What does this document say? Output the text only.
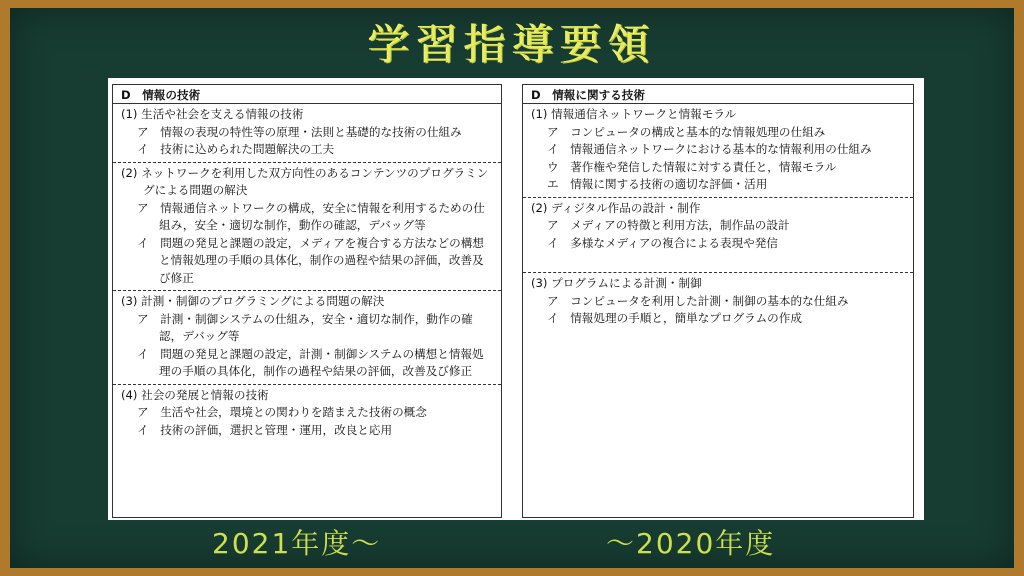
学習指導要領
D　情報の技術
(1) 生活や社会を支える情報の技術
ア　情報の表現の特性等の原理・法則と基礎的な技術の仕組み
イ　技術に込められた問題解決の工夫
(2) ネットワークを利用した双方向性のあるコンテンツのプログラミングによる問題の解決
ア　情報通信ネットワークの構成，安全に情報を利用するための仕組み，安全・適切な制作，動作の確認，デバッグ等
イ　問題の発見と課題の設定，メディアを複合する方法などの構想と情報処理の手順の具体化，制作の過程や結果の評価，改善及び修正
(3) 計測・制御のプログラミングによる問題の解決
ア　計測・制御システムの仕組み，安全・適切な制作，動作の確認，デバッグ等
イ　問題の発見と課題の設定，計測・制御システムの構想と情報処理の手順の具体化，制作の過程や結果の評価，改善及び修正
(4) 社会の発展と情報の技術
ア　生活や社会，環境との関わりを踏まえた技術の概念
イ　技術の評価，選択と管理・運用，改良と応用
D　情報に関する技術
(1) 情報通信ネットワークと情報モラル
ア　コンピュータの構成と基本的な情報処理の仕組み
イ　情報通信ネットワークにおける基本的な情報利用の仕組み
ウ　著作権や発信した情報に対する責任と，情報モラル
エ　情報に関する技術の適切な評価・活用
(2) ディジタル作品の設計・制作
ア　メディアの特徴と利用方法，制作品の設計
イ　多様なメディアの複合による表現や発信
(3) プログラムによる計測・制御
ア　コンピュータを利用した計測・制御の基本的な仕組み
イ　情報処理の手順と，簡単なプログラムの作成
2021年度～	～2020年度
